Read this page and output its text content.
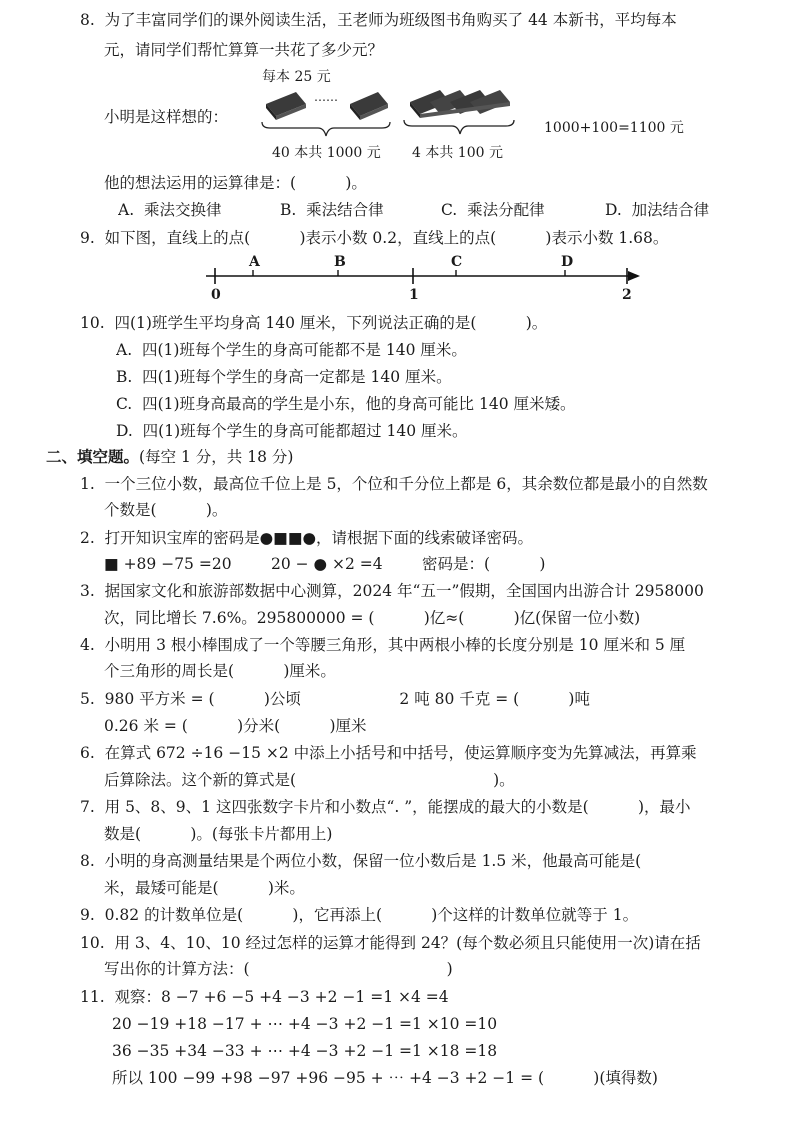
8.  为了丰富同学们的课外阅读生活，王老师为班级图书角购买了 44 本新书，平均每本
元，请同学们帮忙算算一共花了多少元？
每本 25 元
小明是这样想的：
……
40 本共 1000 元 4 本共 100 元
1000+100=1100 元
他的想法运用的运算律是：(          )。
A.  乘法交换律	B.  乘法结合律	C.  乘法分配律	D.  加法结合律
9.  如下图，直线上的点(          )表示小数 0.2，直线上的点(          )表示小数 1.68。
A	B	C	D
0	1	2
10.  四(1)班学生平均身高 140 厘米，下列说法正确的是(          )。
A.  四(1)班每个学生的身高可能都不是 140 厘米。
B.  四(1)班每个学生的身高一定都是 140 厘米。
C.  四(1)班身高最高的学生是小东，他的身高可能比 140 厘米矮。
D.  四(1)班每个学生的身高可能都超过 140 厘米。
二、填空题。(每空 1 分，共 18 分)
1.  一个三位小数，最高位千位上是 5，个位和千分位上都是 6，其余数位都是最小的自然数
个数是(          )。
2.  打开知识宝库的密码是●■■●，请根据下面的线索破译密码。
■ +89 −75 =20        20 − ● ×2 =4        密码是：(          )
3.  据国家文化和旅游部数据中心测算，2024 年“五一”假期，全国国内出游合计 2958000
次，同比增长 7.6%。295800000 = (          )亿≈(          )亿(保留一位小数)
4.  小明用 3 根小棒围成了一个等腰三角形，其中两根小棒的长度分别是 10 厘米和 5 厘
个三角形的周长是(          )厘米。
5.  980 平方米 = (          )公顷                    2 吨 80 千克 = (          )吨
0.26 米 = (          )分米(          )厘米
6.  在算式 672 ÷16 −15 ×2 中添上小括号和中括号，使运算顺序变为先算减法，再算乘
后算除法。这个新的算式是(                                        )。
7.  用 5、8、9、1 这四张数字卡片和小数点“. ”，能摆成的最大的小数是(          )，最小
数是(          )。(每张卡片都用上)
8.  小明的身高测量结果是个两位小数，保留一位小数后是 1.5 米，他最高可能是(
米，最矮可能是(          )米。
9.  0.82 的计数单位是(          )，它再添上(          )个这样的计数单位就等于 1。
10.  用 3、4、10、10 经过怎样的运算才能得到 24？(每个数必须且只能使用一次)请在括
写出你的计算方法：(                                        )
11.  观察：8 −7 +6 −5 +4 −3 +2 −1 =1 ×4 =4
20 −19 +18 −17 + ⋯ +4 −3 +2 −1 =1 ×10 =10
36 −35 +34 −33 + ⋯ +4 −3 +2 −1 =1 ×18 =18
所以 100 −99 +98 −97 +96 −95 + ⋯ +4 −3 +2 −1 = (          )(填得数)
